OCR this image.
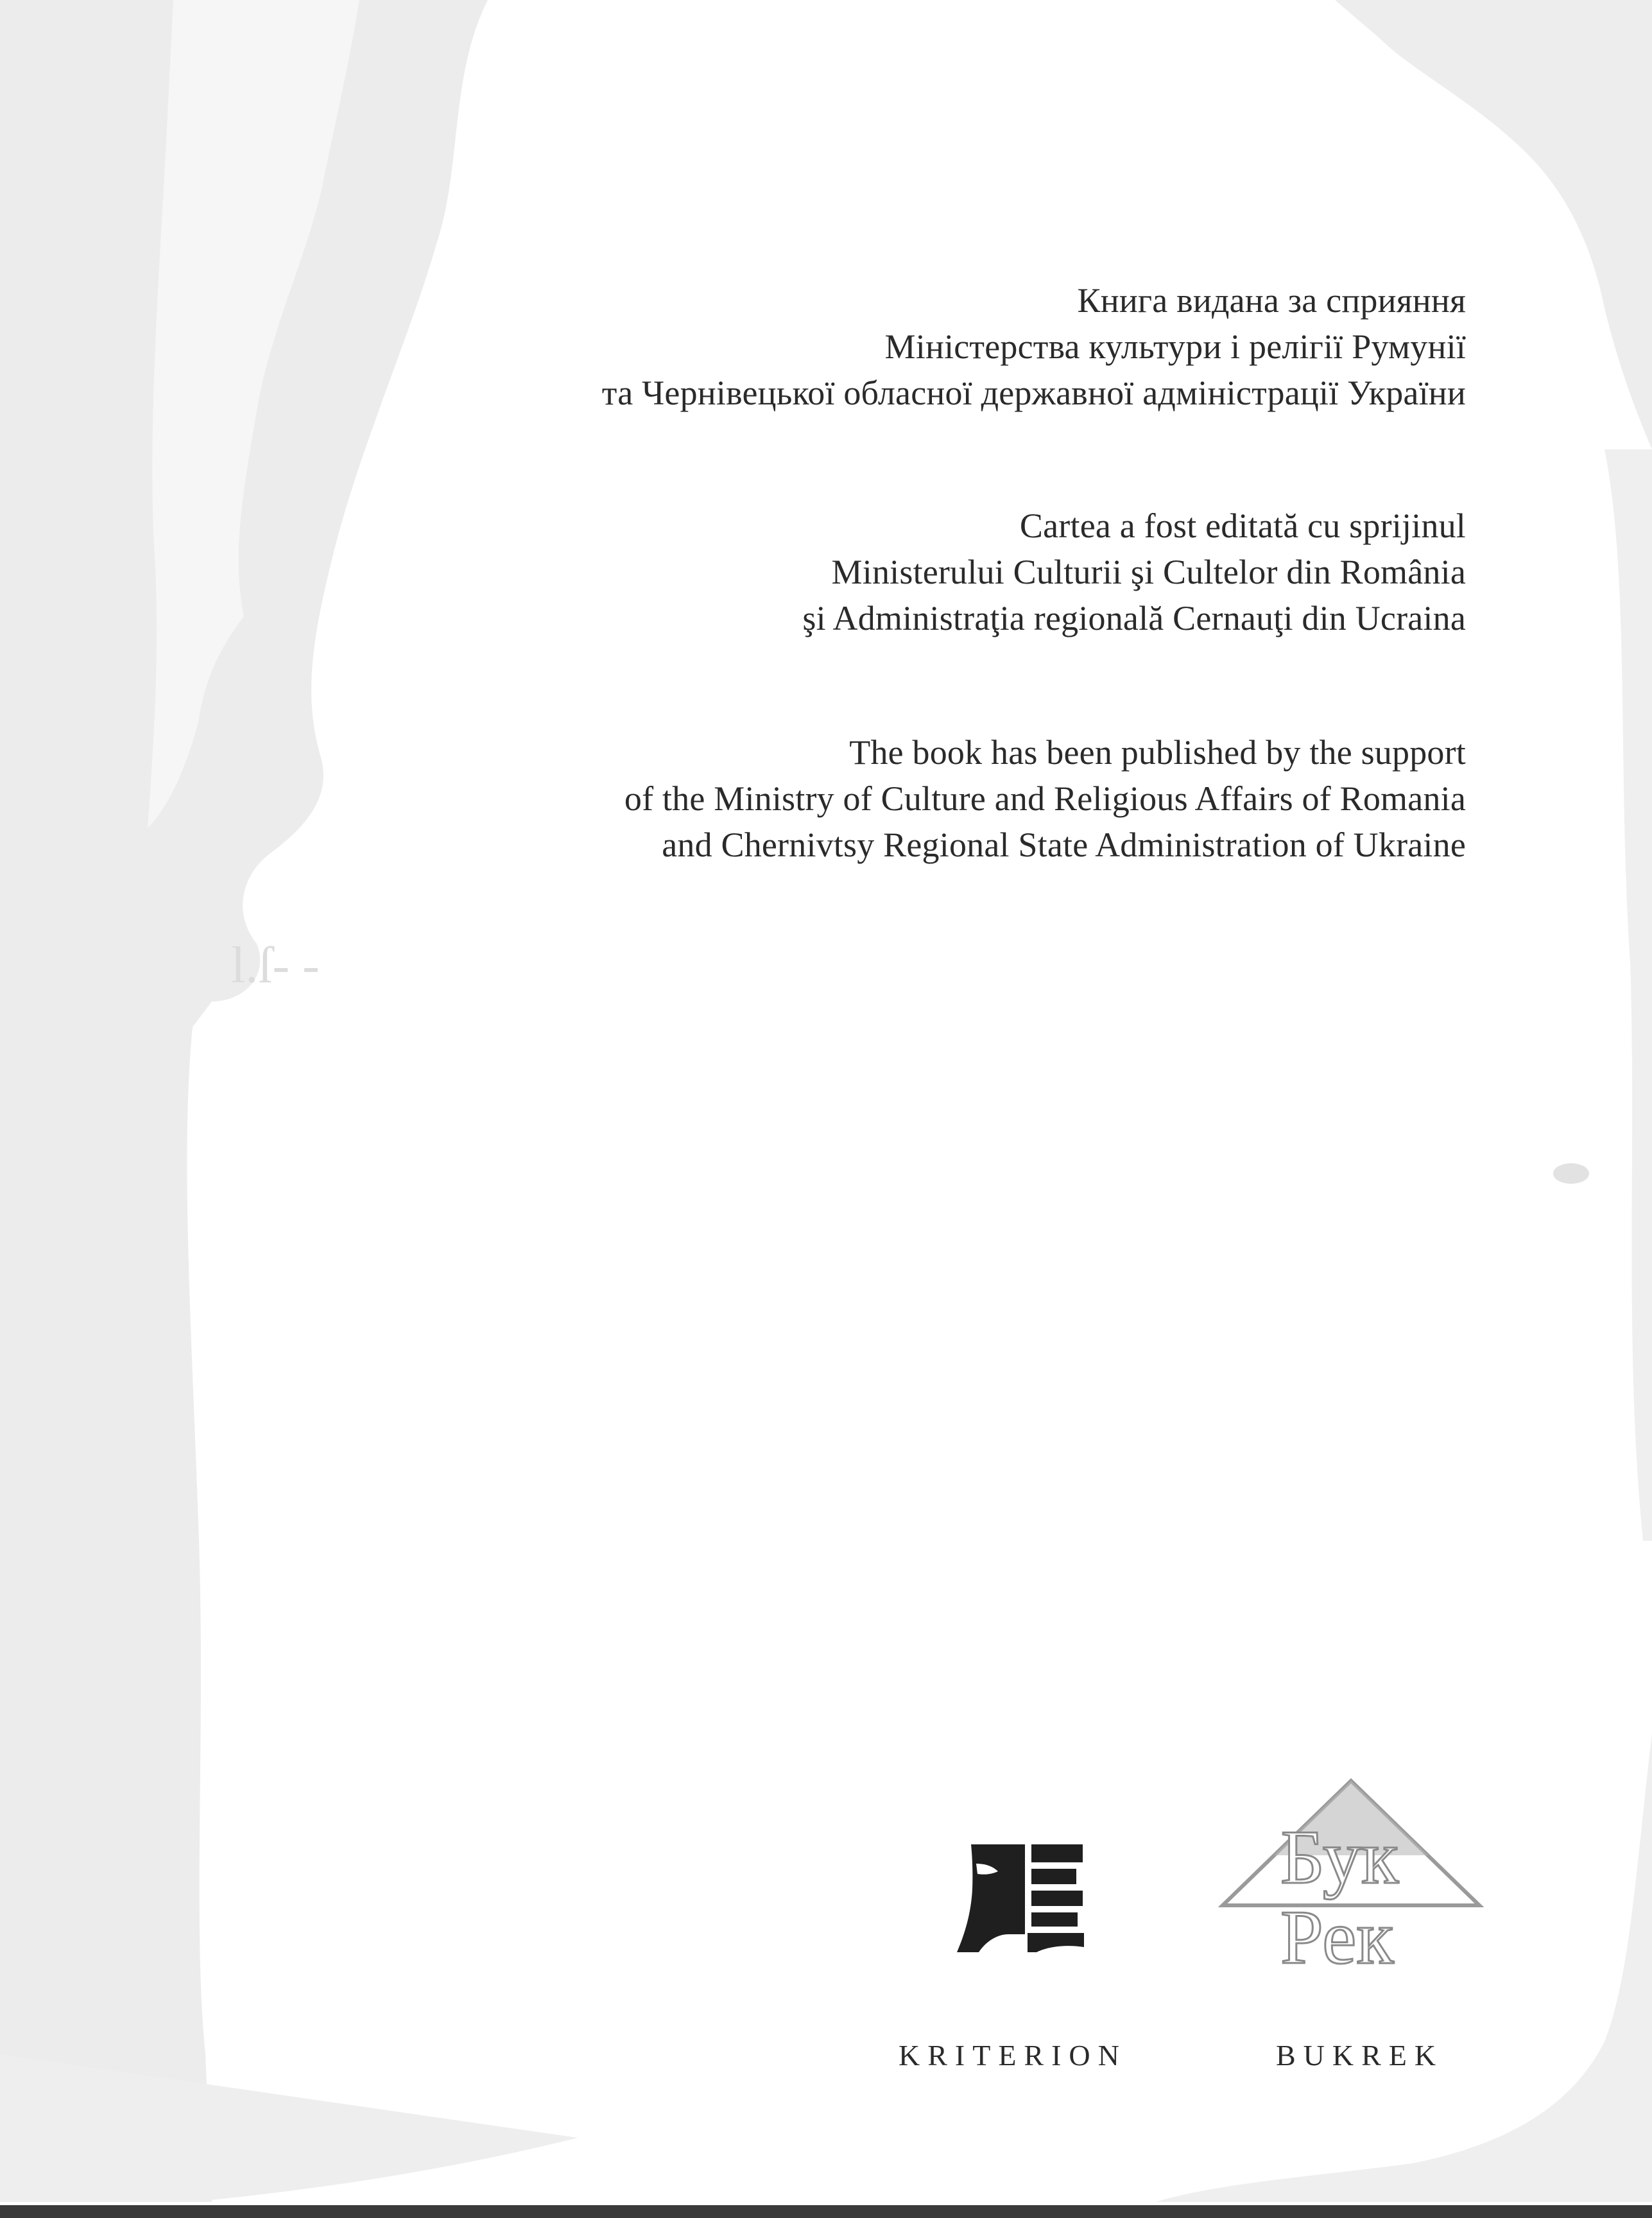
l.ſ‑ ‑
Книга видана за сприяння
Міністерства культури і релігії Румунії
та Чернівецької обласної державної адміністрації України
Cartea a fost editată cu sprijinul
Ministerului Culturii şi Cultelor din România
şi Administraţia regională Cernauţi din Ucraina
The book has been published by the support
of the Ministry of Culture and Religious Affairs of Romania
and Chernivtsy Regional State Administration of Ukraine
Бук
Рек
KRITERION	BUKREK
